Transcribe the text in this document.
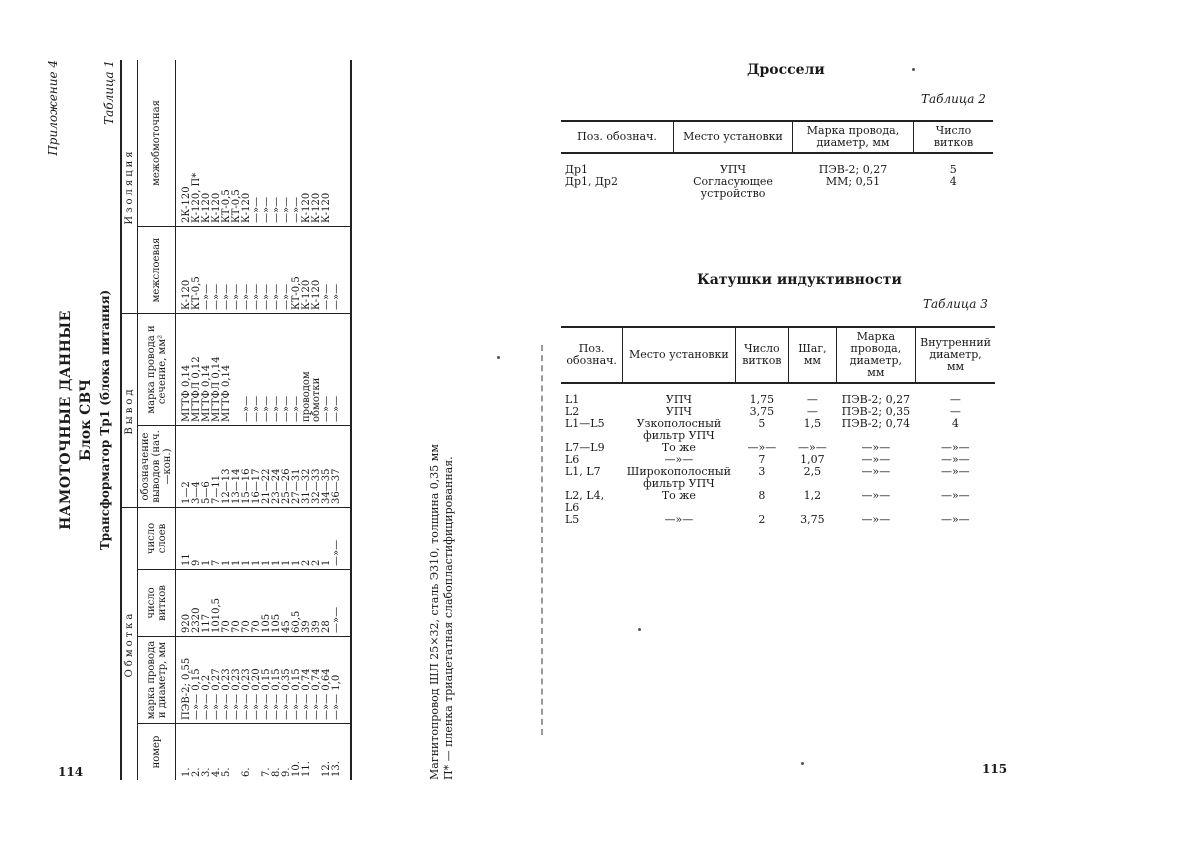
Приложение 4
НАМОТОЧНЫЕ ДАННЫЕ Блок СВЧ Трансформатор Тр1 (блока питания)
Таблица 1
Обмотка				Вывод		Изоляция	
номер	марка провода и диаметр, мм	число витков	число слоев	обозначение выводов (нач.—кон.)	марка провода и сечение, мм²	межслоевая	межобмоточная
1.	ПЭВ-2; 0,55	920	11	1—2	МГТФ 0,14	К-120	2К-120
2.	—»— 0,15	2320	9	3—4	МГТФЛ 0,12	КТ-0,5	К-120, П*
3.	—»— 0,2	117	1	5—6	МГТФ 0,14	—»—	К-120
4.	—»— 0,27	1010,5	7	7—11	МГТФЛ 0,14	—»—	К-120
5.	—»— 0,23	70	1	12—13	МГТФ 0,14	—»—	КТ-0,5
	—»— 0,23	70	1	13—14		—»—	КТ-0,5
6.	—»— 0,23	70	1	15—16	—»—	—»—	К-120
	—»— 0,20	70	1	16—17	—»—	—»—	—»—
7.	—»— 0,15	105	1	21—22	—»—	—»—	—»—
8.	—»— 0,15	105	1	23—24	—»—	—»—	—»—
9.	—»— 0,35	45	1	25—26	—»—	—»—	—»—
10.	—»— 0,15	60,5	1	27—31	—»—	КТ-0,5	—»—
11.	—»— 0,74	39	2	31—32	проводом	К-120	К-120
	—»— 0,74	39	2	32—33	обмотки	К-120	К-120
12.	—»— 0,64	28	1	34—35	—»—	—»—	К-120
13.	—»— 1,0	—»—	—»—	36—37	—»—	—»—	
Магнитопровод ШЛ 25×32, сталь Э310, толщина 0,35 мм П* — пленка триацетатная слабопластифицированная.
114
Дроссели
Таблица 2
Поз. обознач.	Место установки	Марка провода, диаметр, мм	Число витков
Др1	УПЧ	ПЭВ-2; 0,27	5
Др1, Др2	Согласующее устройство	ММ; 0,51	4
Катушки индуктивности
Таблица 3
Поз. обознач.	Место установки	Число витков	Шаг, мм	Марка провода, диаметр, мм	Внутренний диаметр, мм
L1	УПЧ	1,75	—	ПЭВ-2; 0,27	—
L2	УПЧ	3,75	—	ПЭВ-2; 0,35	—
L1—L5	Узкополосный фильтр УПЧ	5	1,5	ПЭВ-2; 0,74	4
L7—L9	То же	—»—	—»—	—»—	—»—
L6	—»—	7	1,07	—»—	—»—
L1, L7	Широкополосный фильтр УПЧ	3	2,5	—»—	—»—
L2, L4, L6	То же	8	1,2	—»—	—»—
L5	—»—	2	3,75	—»—	—»—
115
